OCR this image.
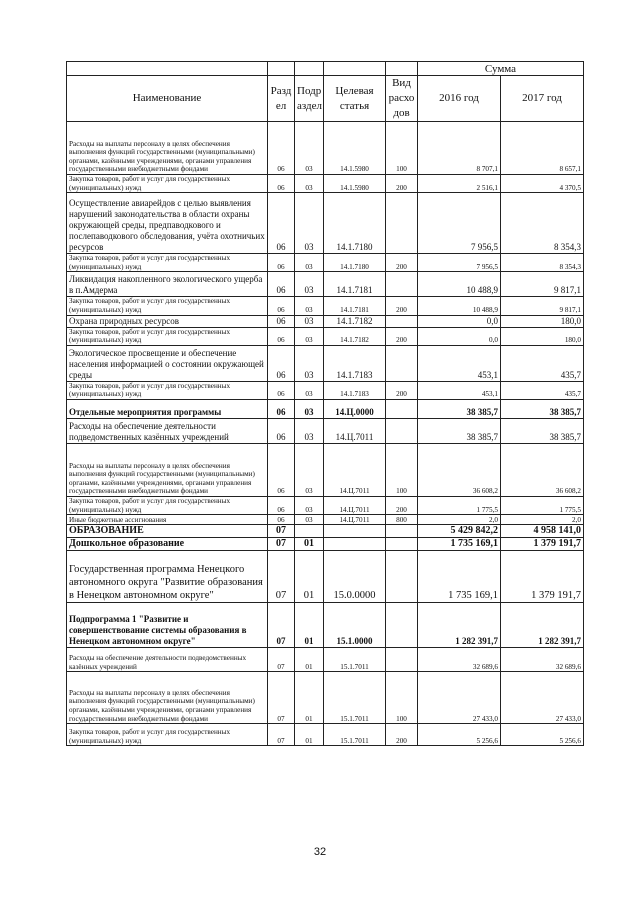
					Сумма	
Наименование	Разд ел	Подр аздел	Целевая статья	Вид расхо дов	2016 год	2017 год
Расходы на выплаты персоналу в целях обеспечения выполнения функций государственными (муниципальными) органами, казёнными учреждениями, органами управления государственными внебюджетными фондами	06	03	14.1.5980	100	8 707,1	8 657,1
Закупка товаров, работ и услуг для государственных (муниципальных) нужд	06	03	14.1.5980	200	2 516,1	4 370,5
Осуществление авиарейдов с целью выявления нарушений законодательства в области охраны окружающей среды, предпаводкового и послепаводкового обследования, учёта охотничьих ресурсов	06	03	14.1.7180		7 956,5	8 354,3
Закупка товаров, работ и услуг для государственных (муниципальных) нужд	06	03	14.1.7180	200	7 956,5	8 354,3
Ликвидация накопленного экологического ущерба в п.Амдерма	06	03	14.1.7181		10 488,9	9 817,1
Закупка товаров, работ и услуг для государственных (муниципальных) нужд	06	03	14.1.7181	200	10 488,9	9 817,1
Охрана природных ресурсов	06	03	14.1.7182		0,0	180,0
Закупка товаров, работ и услуг для государственных (муниципальных) нужд	06	03	14.1.7182	200	0,0	180,0
Экологическое просвещение и обеспечение населения информацией о состоянии окружающей среды	06	03	14.1.7183		453,1	435,7
Закупка товаров, работ и услуг для государственных (муниципальных) нужд	06	03	14.1.7183	200	453,1	435,7
Отдельные мероприятия программы	06	03	14.Ц.0000		38 385,7	38 385,7
Расходы на обеспечение деятельности подведомственных казённых учреждений	06	03	14.Ц.7011		38 385,7	38 385,7
Расходы на выплаты персоналу в целях обеспечения выполнения функций государственными (муниципальными) органами, казёнными учреждениями, органами управления государственными внебюджетными фондами	06	03	14.Ц.7011	100	36 608,2	36 608,2
Закупка товаров, работ и услуг для государственных (муниципальных) нужд	06	03	14.Ц.7011	200	1 775,5	1 775,5
Иные бюджетные ассигнования	06	03	14.Ц.7011	800	2,0	2,0
ОБРАЗОВАНИЕ	07				5 429 842,2	4 958 141,0
Дошкольное образование	07	01			1 735 169,1	1 379 191,7
Государственная программа Ненецкого автономного округа "Развитие образования в Ненецком автономном округе"	07	01	15.0.0000		1 735 169,1	1 379 191,7
Подпрограмма 1 "Развитие и совершенствование системы образования в Ненецком автономном округе"	07	01	15.1.0000		1 282 391,7	1 282 391,7
Расходы на обеспечение деятельности подведомственных казённых учреждений	07	01	15.1.7011		32 689,6	32 689,6
Расходы на выплаты персоналу в целях обеспечения выполнения функций государственными (муниципальными) органами, казёнными учреждениями, органами управления государственными внебюджетными фондами	07	01	15.1.7011	100	27 433,0	27 433,0
Закупка товаров, работ и услуг для государственных (муниципальных) нужд	07	01	15.1.7011	200	5 256,6	5 256,6
32
